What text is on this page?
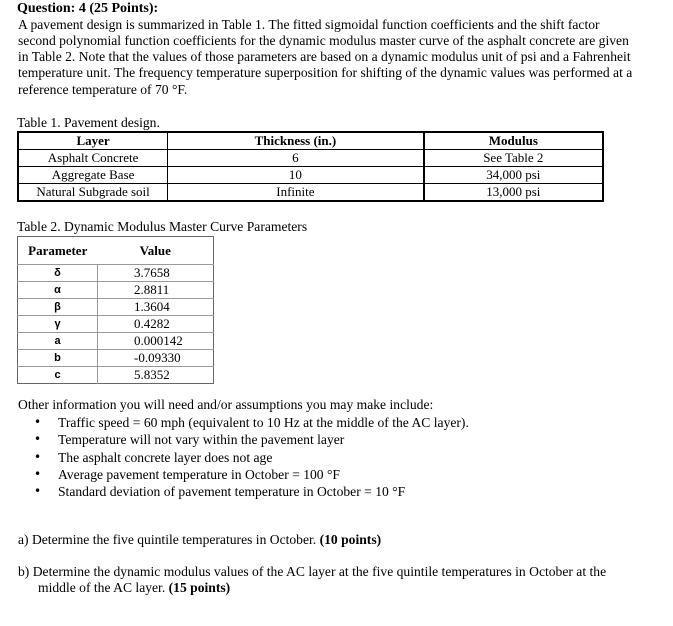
Question: 4 (25 Points):
A pavement design is summarized in Table 1. The fitted sigmoidal function coefficients and the shift factor
second polynomial function coefficients for the dynamic modulus master curve of the asphalt concrete are given
in Table 2. Note that the values of those parameters are based on a dynamic modulus unit of psi and a Fahrenheit
temperature unit. The frequency temperature superposition for shifting of the dynamic values was performed at a
reference temperature of 70 °F.
Table 1. Pavement design.
Layer	Thickness (in.)		Modulus
Asphalt Concrete	6		See Table 2
Aggregate Base	10		34,000 psi
Natural Subgrade soil	Infinite		13,000 psi
Table 2. Dynamic Modulus Master Curve Parameters
Parameter	Value
δ	3.7658
α	2.8811
β	1.3604
γ	0.4282
a	0.000142
b	-0.09330
c	5.8352
Other information you will need and/or assumptions you may make include:
• Traffic speed = 60 mph (equivalent to 10 Hz at the middle of the AC layer).
• Temperature will not vary within the pavement layer
• The asphalt concrete layer does not age
• Average pavement temperature in October = 100 °F
• Standard deviation of pavement temperature in October = 10 °F
a) Determine the five quintile temperatures in October. (10 points)
b) Determine the dynamic modulus values of the AC layer at the five quintile temperatures in October at the
middle of the AC layer. (15 points)
